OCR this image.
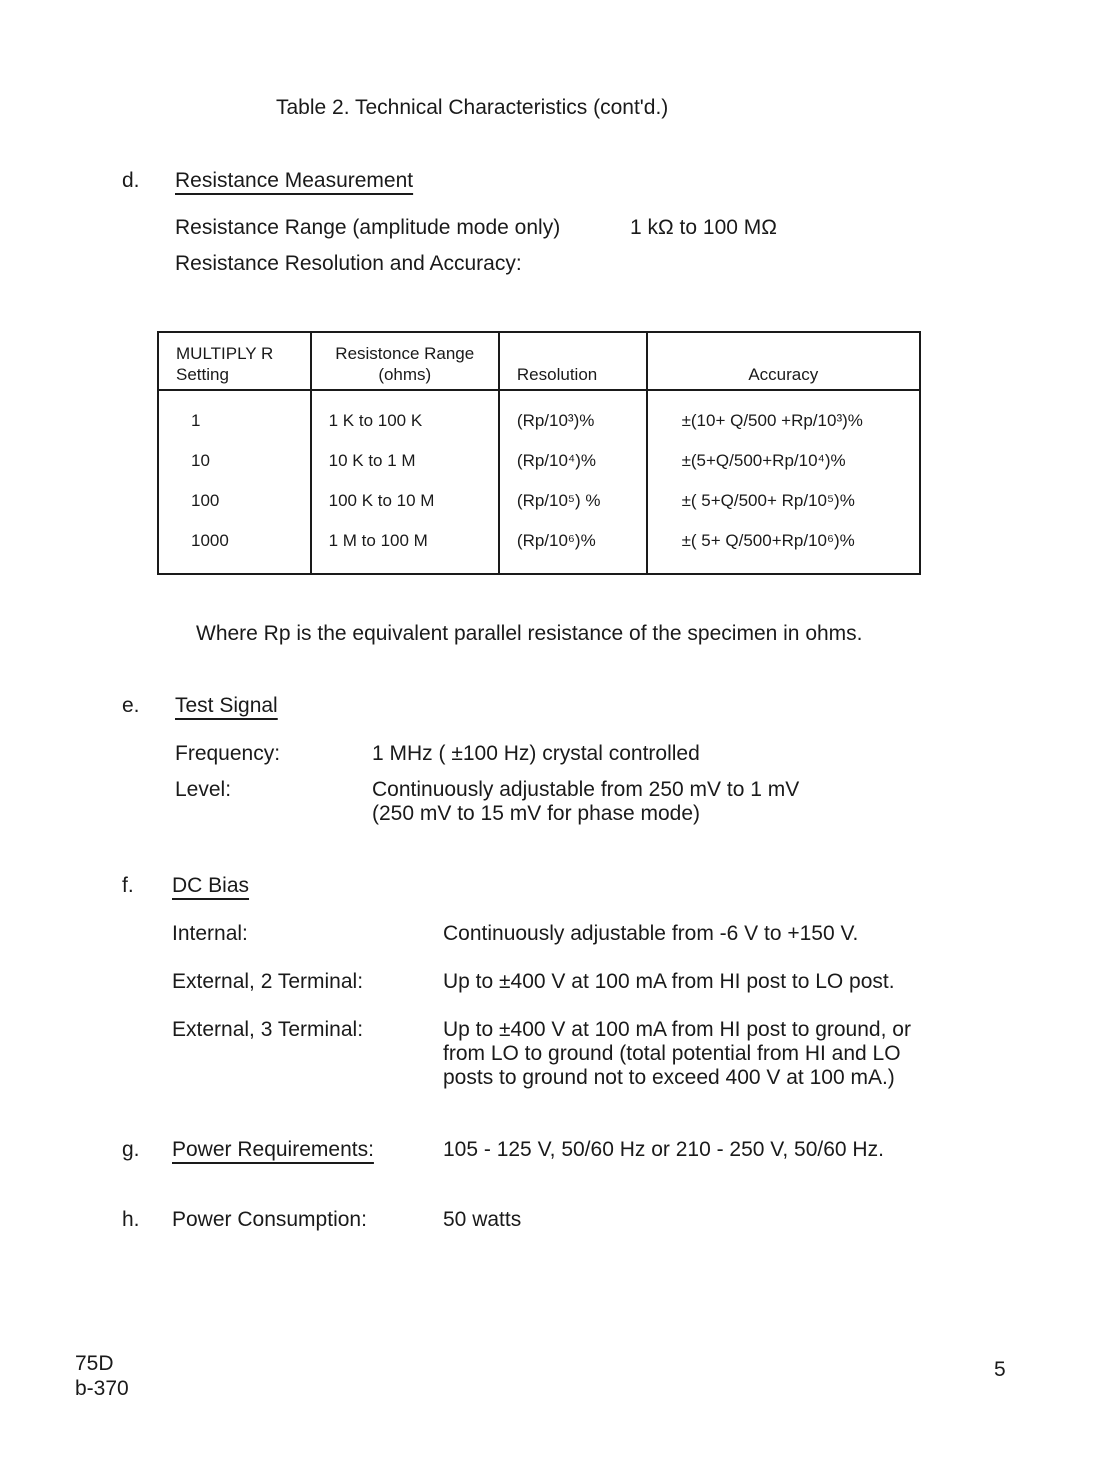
Table 2. Technical Characteristics (cont'd.)
d. Resistance Measurement
Resistance Range (amplitude mode only)	1 kΩ to 100 MΩ
Resistance Resolution and Accuracy:
MULTIPLY R Setting	Resistonce Range (ohms)	Resolution	Accuracy
1	1 K to 100 K	(Rp/10³)%	±(10+ Q/500 +Rp/10³)%
10	10 K to 1 M	(Rp/10⁴)%	±(5+Q/500+Rp/10⁴)%
100	100 K to 10 M	(Rp/10⁵) %	±( 5+Q/500+ Rp/10⁵)%
1000	1 M to 100 M	(Rp/10⁶)%	±( 5+ Q/500+Rp/10⁶)%
Where Rp is the equivalent parallel resistance of the specimen in ohms.
e. Test Signal
Frequency:	1 MHz ( ±100 Hz) crystal controlled
Level:	Continuously adjustable from 250 mV to 1 mV
(250 mV to 15 mV for phase mode)
f. DC Bias
Internal:	Continuously adjustable from -6 V to +150 V.
External, 2 Terminal:	Up to ±400 V at 100 mA from HI post to LO post.
External, 3 Terminal:	Up to ±400 V at 100 mA from HI post to ground, or
from LO to ground (total potential from HI and LO
posts to ground not to exceed 400 V at 100 mA.)
g. Power Requirements:	105 - 125 V, 50/60 Hz or 210 - 250 V, 50/60 Hz.
h. Power Consumption:	50 watts
75D
b-370
5
